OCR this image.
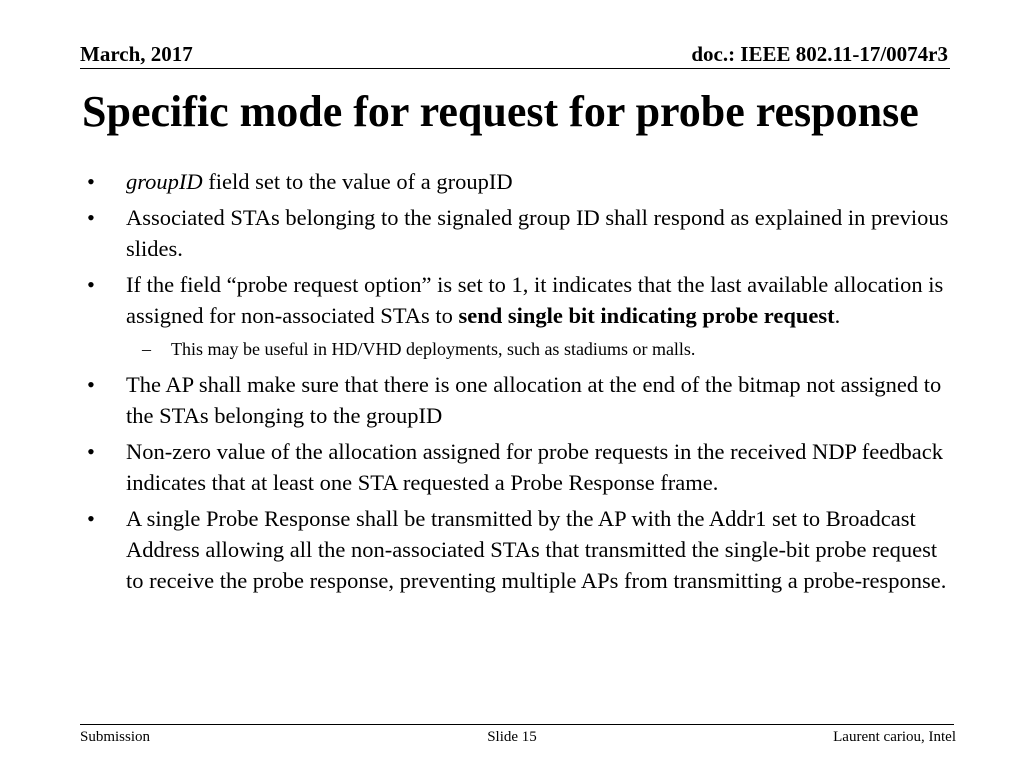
March, 2017	doc.: IEEE 802.11-17/0074r3
Specific mode for request for probe response
• groupID field set to the value of a groupID
• Associated STAs belonging to the signaled group ID shall respond as explained in previous slides.
• If the field “probe request option” is set to 1, it indicates that the last available allocation is assigned for non-associated STAs to send single bit indicating probe request.
– This may be useful in HD/VHD deployments, such as stadiums or malls.
• The AP shall make sure that there is one allocation at the end of the bitmap not assigned to the STAs belonging to the groupID
• Non-zero value of the allocation assigned for probe requests in the received NDP feedback indicates that at least one STA requested a Probe Response frame.
• A single Probe Response shall be transmitted by the AP with the Addr1 set to Broadcast Address allowing all the non-associated STAs that transmitted the single-bit probe request to receive the probe response, preventing multiple APs from transmitting a probe-response.
Submission	Slide 15	Laurent cariou, Intel
